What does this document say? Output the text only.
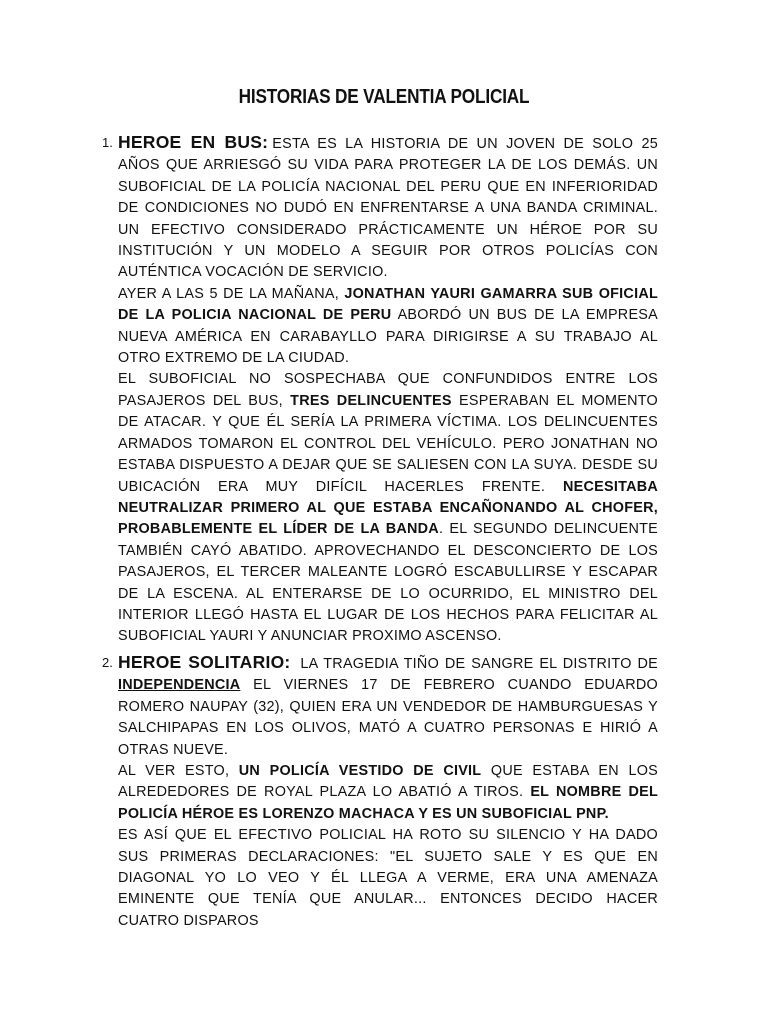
HISTORIAS DE VALENTIA POLICIAL
1. HEROE EN BUS: ESTA ES LA HISTORIA DE UN JOVEN DE SOLO 25 AÑOS QUE ARRIESGÓ SU VIDA PARA PROTEGER LA DE LOS DEMÁS. UN SUBOFICIAL DE LA POLICÍA NACIONAL DEL PERU QUE EN INFERIORIDAD DE CONDICIONES NO DUDÓ EN ENFRENTARSE A UNA BANDA CRIMINAL. UN EFECTIVO CONSIDERADO PRÁCTICAMENTE UN HÉROE POR SU INSTITUCIÓN Y UN MODELO A SEGUIR POR OTROS POLICÍAS CON AUTÉNTICA VOCACIÓN DE SERVICIO.

AYER A LAS 5 DE LA MAÑANA, JONATHAN YAURI GAMARRA SUB OFICIAL DE LA POLICIA NACIONAL DE PERU ABORDÓ UN BUS DE LA EMPRESA NUEVA AMÉRICA EN CARABAYLLO PARA DIRIGIRSE A SU TRABAJO AL OTRO EXTREMO DE LA CIUDAD.

EL SUBOFICIAL NO SOSPECHABA QUE CONFUNDIDOS ENTRE LOS PASAJEROS DEL BUS, TRES DELINCUENTES ESPERABAN EL MOMENTO DE ATACAR. Y QUE ÉL SERÍA LA PRIMERA VÍCTIMA. LOS DELINCUENTES ARMADOS TOMARON EL CONTROL DEL VEHÍCULO. PERO JONATHAN NO ESTABA DISPUESTO A DEJAR QUE SE SALIESEN CON LA SUYA. DESDE SU UBICACIÓN ERA MUY DIFÍCIL HACERLES FRENTE. NECESITABA NEUTRALIZAR PRIMERO AL QUE ESTABA ENCAÑONANDO AL CHOFER, PROBABLEMENTE EL LÍDER DE LA BANDA. EL SEGUNDO DELINCUENTE TAMBIÉN CAYÓ ABATIDO. APROVECHANDO EL DESCONCIERTO DE LOS PASAJEROS, EL TERCER MALEANTE LOGRÓ ESCABULLIRSE Y ESCAPAR DE LA ESCENA. AL ENTERARSE DE LO OCURRIDO, EL MINISTRO DEL INTERIOR LLEGÓ HASTA EL LUGAR DE LOS HECHOS PARA FELICITAR AL SUBOFICIAL YAURI Y ANUNCIAR PROXIMO ASCENSO.

2. HEROE SOLITARIO: LA TRAGEDIA TIÑO DE SANGRE EL DISTRITO DE INDEPENDENCIA EL VIERNES 17 DE FEBRERO CUANDO EDUARDO ROMERO NAUPAY (32), QUIEN ERA UN VENDEDOR DE HAMBURGUESAS Y SALCHIPAPAS EN LOS OLIVOS, MATÓ A CUATRO PERSONAS E HIRIÓ A OTRAS NUEVE.

AL VER ESTO, UN POLICÍA VESTIDO DE CIVIL QUE ESTABA EN LOS ALREDEDORES DE ROYAL PLAZA LO ABATIÓ A TIROS. EL NOMBRE DEL POLICÍA HÉROE ES LORENZO MACHACA Y ES UN SUBOFICIAL PNP.

ES ASÍ QUE EL EFECTIVO POLICIAL HA ROTO SU SILENCIO Y HA DADO SUS PRIMERAS DECLARACIONES: "EL SUJETO SALE Y ES QUE EN DIAGONAL YO LO VEO Y ÉL LLEGA A VERME, ERA UNA AMENAZA EMINENTE QUE TENÍA QUE ANULAR... ENTONCES DECIDO HACER CUATRO DISPAROS
